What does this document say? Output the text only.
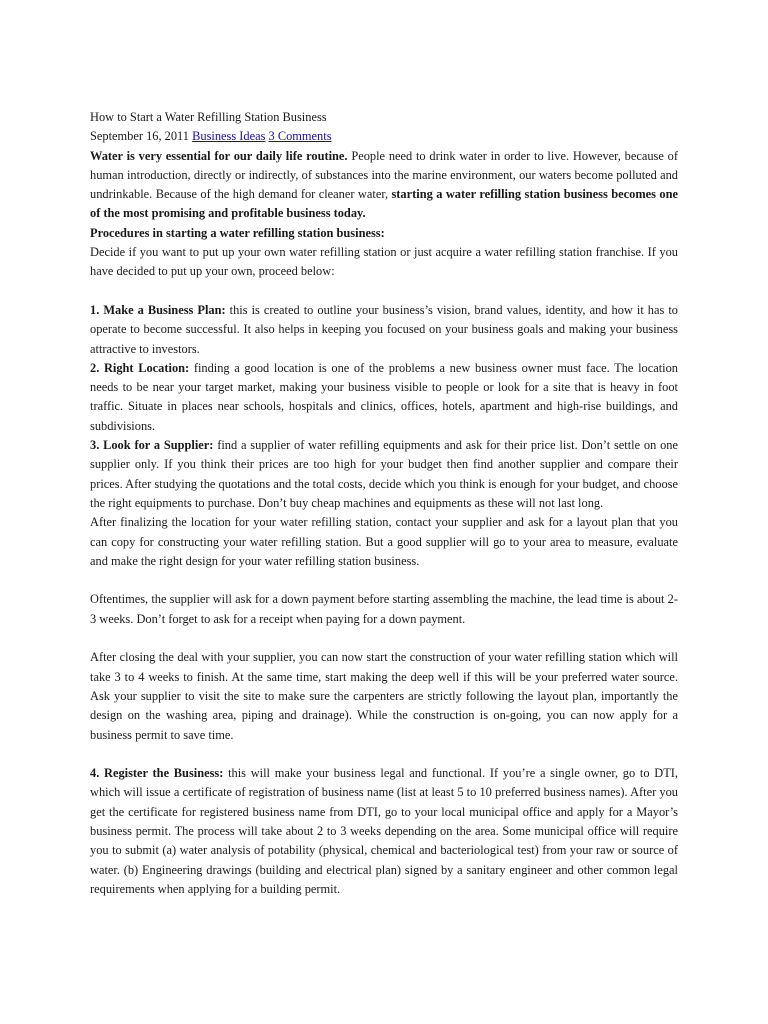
How to Start a Water Refilling Station Business

September 16, 2011 Business Ideas 3 Comments

Water is very essential for our daily life routine. People need to drink water in order to live. However, because of human introduction, directly or indirectly, of substances into the marine environment, our waters become polluted and undrinkable. Because of the high demand for cleaner water, starting a water refilling station business becomes one of the most promising and profitable business today.

Procedures in starting a water refilling station business:

Decide if you want to put up your own water refilling station or just acquire a water refilling station franchise. If you have decided to put up your own, proceed below:

1. Make a Business Plan: this is created to outline your business’s vision, brand values, identity, and how it has to operate to become successful. It also helps in keeping you focused on your business goals and making your business attractive to investors.

2. Right Location: finding a good location is one of the problems a new business owner must face. The location needs to be near your target market, making your business visible to people or look for a site that is heavy in foot traffic. Situate in places near schools, hospitals and clinics, offices, hotels, apartment and high-rise buildings, and subdivisions.

3. Look for a Supplier: find a supplier of water refilling equipments and ask for their price list. Don’t settle on one supplier only. If you think their prices are too high for your budget then find another supplier and compare their prices. After studying the quotations and the total costs, decide which you think is enough for your budget, and choose the right equipments to purchase. Don’t buy cheap machines and equipments as these will not last long.

After finalizing the location for your water refilling station, contact your supplier and ask for a layout plan that you can copy for constructing your water refilling station. But a good supplier will go to your area to measure, evaluate and make the right design for your water refilling station business.

Oftentimes, the supplier will ask for a down payment before starting assembling the machine, the lead time is about 2-3 weeks. Don’t forget to ask for a receipt when paying for a down payment.

After closing the deal with your supplier, you can now start the construction of your water refilling station which will take 3 to 4 weeks to finish. At the same time, start making the deep well if this will be your preferred water source. Ask your supplier to visit the site to make sure the carpenters are strictly following the layout plan, importantly the design on the washing area, piping and drainage). While the construction is on-going, you can now apply for a business permit to save time.

4. Register the Business: this will make your business legal and functional. If you’re a single owner, go to DTI, which will issue a certificate of registration of business name (list at least 5 to 10 preferred business names). After you get the certificate for registered business name from DTI, go to your local municipal office and apply for a Mayor’s business permit. The process will take about 2 to 3 weeks depending on the area. Some municipal office will require you to submit (a) water analysis of potability (physical, chemical and bacteriological test) from your raw or source of water. (b) Engineering drawings (building and electrical plan) signed by a sanitary engineer and other common legal requirements when applying for a building permit.
